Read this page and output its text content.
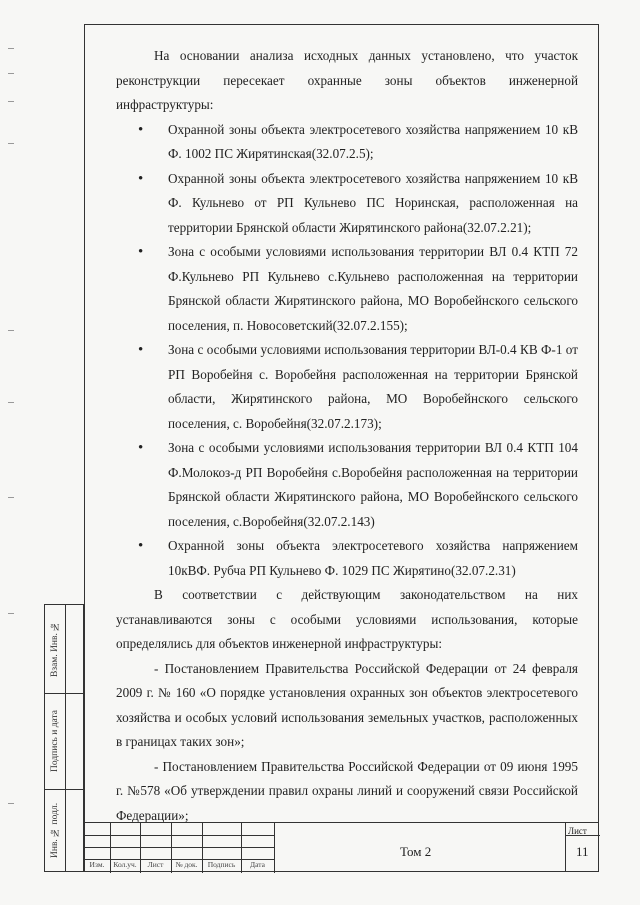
На основании анализа исходных данных установлено, что участок реконструкции пересекает охранные зоны объектов инженерной инфраструктуры:

• Охранной зоны объекта электросетевого хозяйства напряжением 10 кВ Ф. 1002 ПС Жирятинская(32.07.2.5);
• Охранной зоны объекта электросетевого хозяйства напряжением 10 кВ Ф. Кульнево от РП Кульнево ПС Норинская, расположенная на территории Брянской области Жирятинского района(32.07.2.21);
• Зона с особыми условиями использования территории ВЛ 0.4 КТП 72 Ф.Кульнево РП Кульнево с.Кульнево расположенная на территории Брянской области Жирятинского района, МО Воробейнского сельского поселения, п. Новосоветский(32.07.2.155);
• Зона с особыми условиями использования территории ВЛ-0.4 КВ Ф-1 от РП Воробейня с. Воробейня расположенная на территории Брянской области, Жирятинского района, МО Воробейнского сельского поселения, с. Воробейня(32.07.2.173);
• Зона с особыми условиями использования территории ВЛ 0.4 КТП 104 Ф.Молокоз-д РП Воробейня с.Воробейня расположенная на территории Брянской области Жирятинского района, МО Воробейнского сельского поселения, с.Воробейня(32.07.2.143)
• Охранной зоны объекта электросетевого хозяйства напряжением 10кВФ. Рубча РП Кульнево Ф. 1029 ПС Жирятино(32.07.2.31)

В соответствии с действующим законодательством на них устанавливаются зоны с особыми условиями использования, которые определялись для объектов инженерной инфраструктуры:

- Постановлением Правительства Российской Федерации от 24 февраля 2009 г. № 160 «О порядке установления охранных зон объектов электросетевого хозяйства и особых условий использования земельных участков, расположенных в границах таких зон»;

- Постановлением Правительства Российской Федерации от 09 июня 1995 г. №578 «Об утверждении правил охраны линий и сооружений связи Российской Федерации»;

Взам. Инв. №
Подпись и дата
Инв. № подл.
Изм.	Кол.уч.	Лист	№ док.	Подпись	Дата
Том 2
Лист
11
